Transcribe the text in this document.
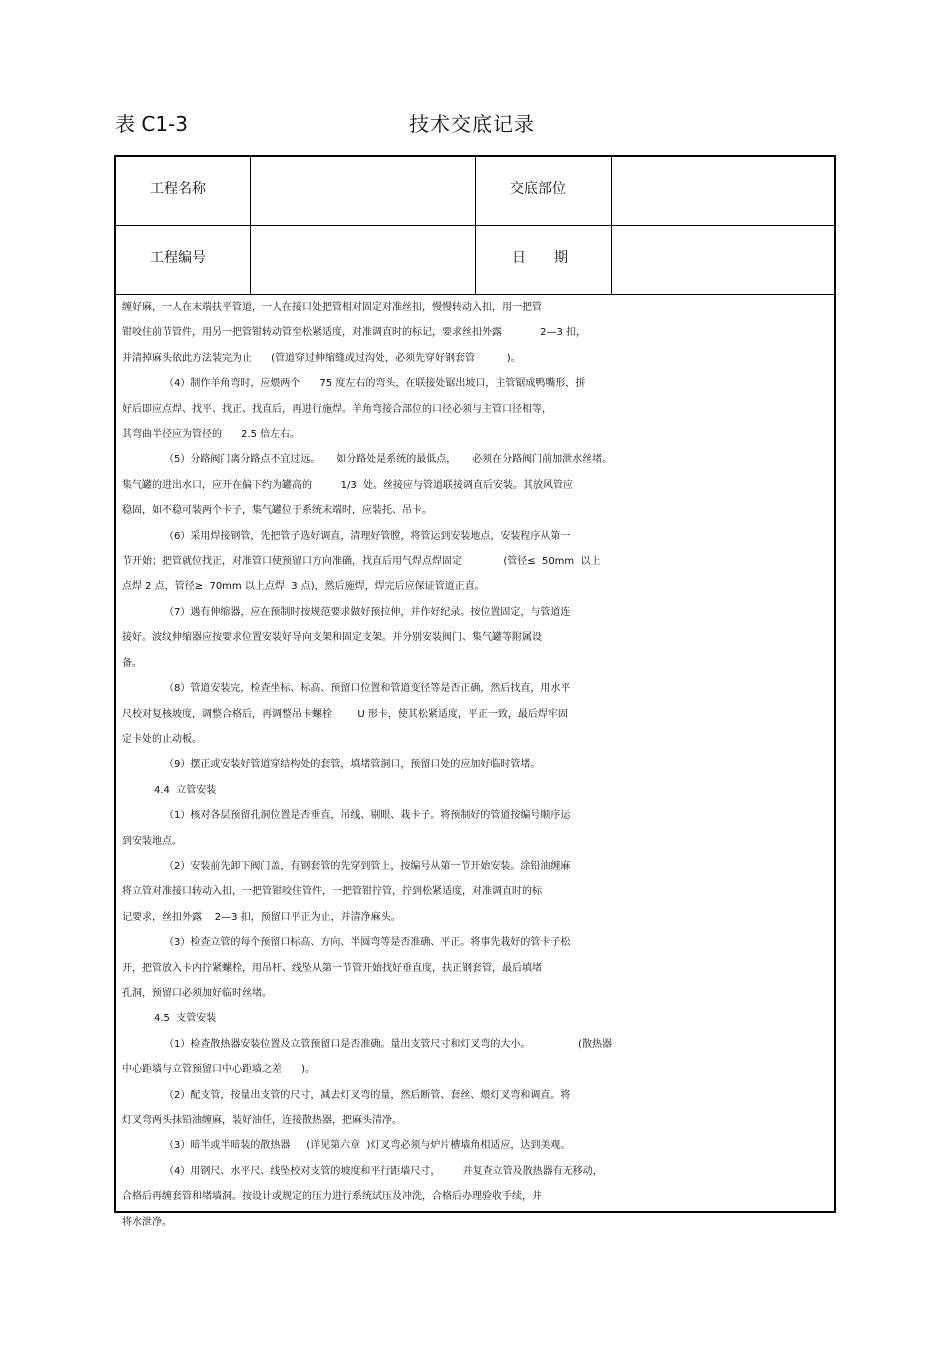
表 C1-3	技术交底记录
工程名称	交底部位
工程编号	日　　期

缠好麻，一人在末端扶平管道，一人在接口处把管相对固定对准丝扣，慢慢转动入扣，用一把管

钳咬住前节管件，用另一把管钳转动管至松紧适度，对准调直时的标记，要求丝扣外露            2—3 扣，

并清掉麻头依此方法装完为止      (管道穿过伸缩缝或过沟处，必须先穿好钢套管          )。

（4）制作羊角弯时，应煨两个      75 度左右的弯头，在联接处锯出坡口，主管锯成鸭嘴形，拼

好后即应点焊、找平、找正、找直后，再进行施焊。羊角弯接合部位的口径必须与主管口径相等，

其弯曲半径应为管径的      2.5 倍左右。

（5）分路阀门离分路点不宜过远。     如分路处是系统的最低点，     必须在分路阀门前加泄水丝堵。

集气罐的进出水口，应开在偏下约为罐高的         1/3  处。丝接应与管道联接调直后安装。其放风管应

稳固，如不稳可装两个卡子，集气罐位于系统末端时，应装托、吊卡。

（6）采用焊接钢管，先把管子选好调直，清理好管膛，将管运到安装地点，安装程序从第一

节开始；把管就位找正，对准管口使预留口方向准确，找直后用气焊点焊固定             (管径≤  50mm  以上

点焊 2 点，管径≥  70mm 以上点焊  3 点)，然后施焊，焊完后应保证管道正直。

（7）遇有伸缩器，应在预制时按规范要求做好预拉伸，并作好纪录。按位置固定，与管道连

接好。波纹伸缩器应按要求位置安装好导向支架和固定支架。并分别安装阀门、集气罐等附属设

备。

（8）管道安装完，检查坐标、标高、预留口位置和管道变径等是否正确，然后找直，用水平

尺校对复核坡度，调整合格后，再调整吊卡螺栓        U 形卡，使其松紧适度，平正一致，最后焊牢固

定卡处的止动板。

（9）摆正或安装好管道穿结构处的套管，填堵管洞口，预留口处的应加好临时管堵。

4.4  立管安装

（1）核对各层预留孔洞位置是否垂直，吊线、剔眼、栽卡子。将预制好的管道按编号顺序运

到安装地点。

（2）安装前先卸下阀门盖，有钢套管的先穿到管上，按编号从第一节开始安装。涂铅油缠麻

将立管对准接口转动入扣，一把管钳咬住管件，一把管钳拧管，拧到松紧适度，对准调直时的标

记要求，丝扣外露    2—3 扣，预留口平正为止，并清净麻头。

（3）检查立管的每个预留口标高、方向、半圆弯等是否准确、平正。将事先栽好的管卡子松

开，把管放入卡内拧紧螺栓，用吊杆、线坠从第一节管开始找好垂直度，扶正钢套管，最后填堵

孔洞，预留口必须加好临时丝堵。

4.5  支管安装

（1）检查散热器安装位置及立管预留口是否准确。量出支管尺寸和灯叉弯的大小。               (散热器

中心距墙与立管预留口中心距墙之差      )。

（2）配支管，按量出支管的尺寸，减去灯叉弯的量，然后断管、套丝、煨灯叉弯和调直。将

灯叉弯两头抹铅油缠麻，装好油任，连接散热器，把麻头清净。

（3）暗半或半暗装的散热器     (详见第六章  )灯叉弯必须与炉片槽墙角相适应，达到美观。

（4）用钢尺、水平尺、线坠校对支管的坡度和平行距墙尺寸，       并复查立管及散热器有无移动，

合格后再缠套管和堵墙洞。按设计或规定的压力进行系统试压及冲洗，合格后办理验收手续，并

将水泄净。
